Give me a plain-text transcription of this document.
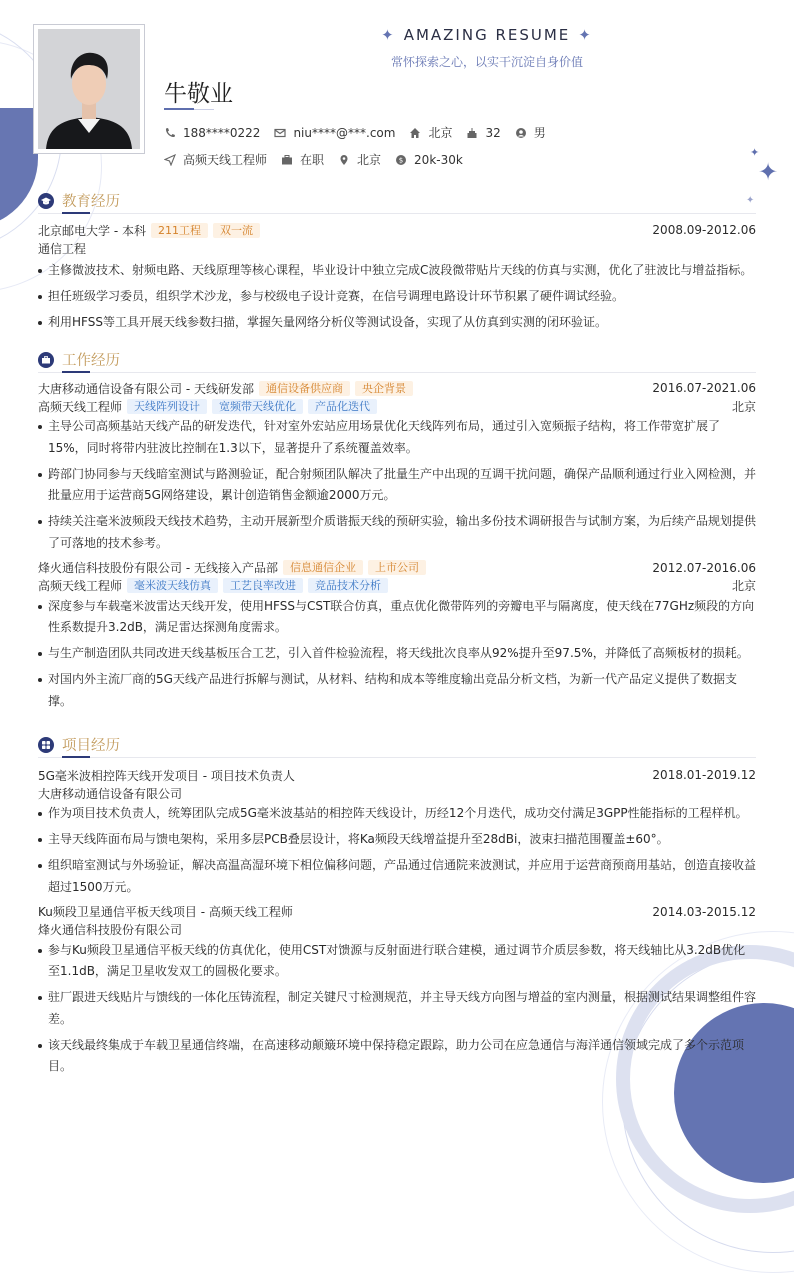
✦
✦
✦
✦ AMAZING RESUME ✦
常怀探索之心，以实干沉淀自身价值
牛敬业
188****0222	niu****@***.com	北京	32	男
高频天线工程师	在职	北京	$ 20k-30k
教育经历
北京邮电大学 - 本科	211工程	双一流	2008.09-2012.06
通信工程
主修微波技术、射频电路、天线原理等核心课程，毕业设计中独立完成C波段微带贴片天线的仿真与实测，优化了驻波比与增益指标。
担任班级学习委员，组织学术沙龙，参与校级电子设计竞赛，在信号调理电路设计环节积累了硬件调试经验。
利用HFSS等工具开展天线参数扫描，掌握矢量网络分析仪等测试设备，实现了从仿真到实测的闭环验证。
工作经历
大唐移动通信设备有限公司 - 天线研发部	通信设备供应商	央企背景	2016.07-2021.06
高频天线工程师	天线阵列设计	宽频带天线优化	产品化迭代	北京
主导公司高频基站天线产品的研发迭代，针对室外宏站应用场景优化天线阵列布局，通过引入宽频振子结构，将工作带宽扩展了15%，同时将带内驻波比控制在1.3以下，显著提升了系统覆盖效率。
跨部门协同参与天线暗室测试与路测验证，配合射频团队解决了批量生产中出现的互调干扰问题，确保产品顺利通过行业入网检测，并批量应用于运营商5G网络建设，累计创造销售金额逾2000万元。
持续关注毫米波频段天线技术趋势，主动开展新型介质谐振天线的预研实验，输出多份技术调研报告与试制方案，为后续产品规划提供了可落地的技术参考。
烽火通信科技股份有限公司 - 无线接入产品部	信息通信企业	上市公司	2012.07-2016.06
高频天线工程师	毫米波天线仿真	工艺良率改进	竞品技术分析	北京
深度参与车载毫米波雷达天线开发，使用HFSS与CST联合仿真，重点优化微带阵列的旁瓣电平与隔离度，使天线在77GHz频段的方向性系数提升3.2dB，满足雷达探测角度需求。
与生产制造团队共同改进天线基板压合工艺，引入首件检验流程，将天线批次良率从92%提升至97.5%，并降低了高频板材的损耗。
对国内外主流厂商的5G天线产品进行拆解与测试，从材料、结构和成本等维度输出竞品分析文档，为新一代产品定义提供了数据支撑。
项目经历
5G毫米波相控阵天线开发项目 - 项目技术负责人	2018.01-2019.12
大唐移动通信设备有限公司
作为项目技术负责人，统筹团队完成5G毫米波基站的相控阵天线设计，历经12个月迭代，成功交付满足3GPP性能指标的工程样机。
主导天线阵面布局与馈电架构，采用多层PCB叠层设计，将Ka频段天线增益提升至28dBi，波束扫描范围覆盖±60°。
组织暗室测试与外场验证，解决高温高湿环境下相位偏移问题，产品通过信通院来波测试，并应用于运营商预商用基站，创造直接收益超过1500万元。
Ku频段卫星通信平板天线项目 - 高频天线工程师	2014.03-2015.12
烽火通信科技股份有限公司
参与Ku频段卫星通信平板天线的仿真优化，使用CST对馈源与反射面进行联合建模，通过调节介质层参数，将天线轴比从3.2dB优化至1.1dB，满足卫星收发双工的圆极化要求。
驻厂跟进天线贴片与馈线的一体化压铸流程，制定关键尺寸检测规范，并主导天线方向图与增益的室内测量，根据测试结果调整组件容差。
该天线最终集成于车载卫星通信终端，在高速移动颠簸环境中保持稳定跟踪，助力公司在应急通信与海洋通信领域完成了多个示范项目。
